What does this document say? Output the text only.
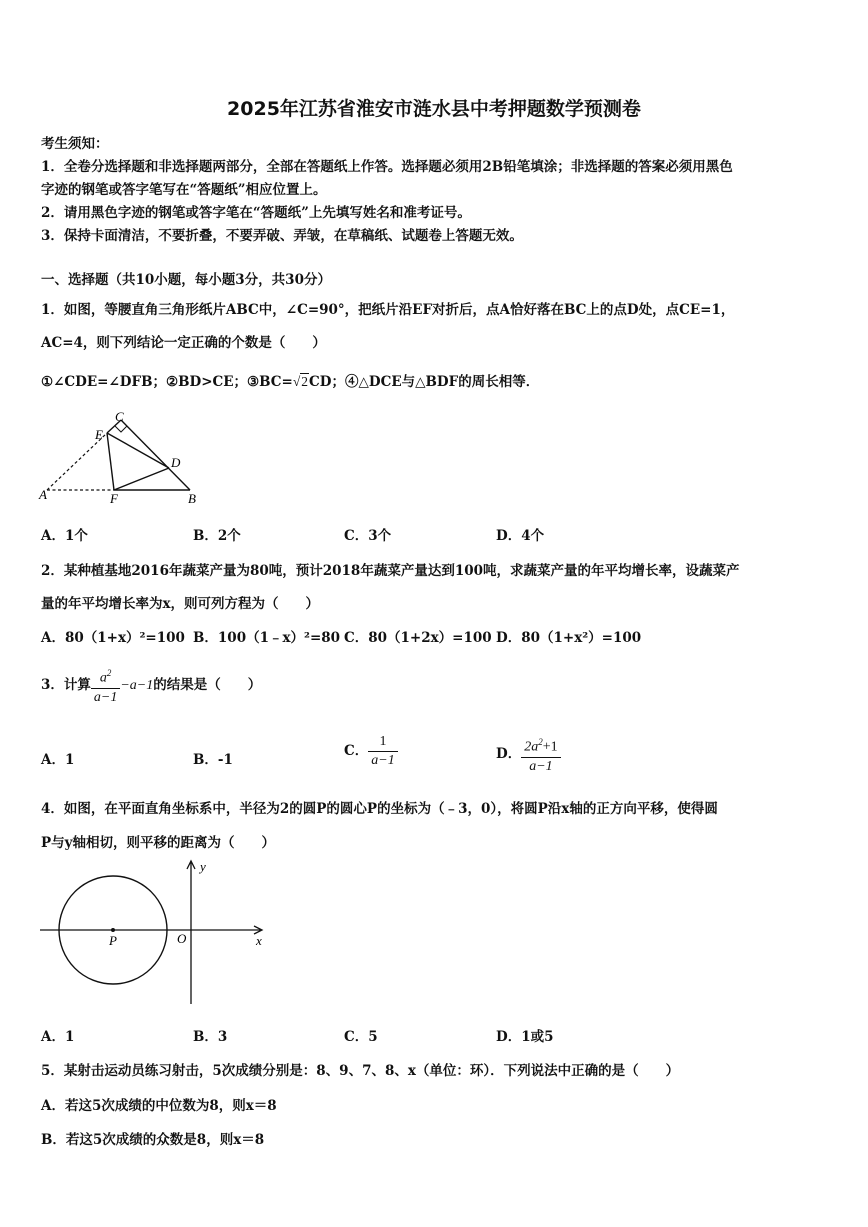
2025年江苏省淮安市涟水县中考押题数学预测卷
考生须知：
1．全卷分选择题和非选择题两部分，全部在答题纸上作答。选择题必须用2B铅笔填涂；非选择题的答案必须用黑色
字迹的钢笔或答字笔写在“答题纸”相应位置上。
2．请用黑色字迹的钢笔或答字笔在“答题纸”上先填写姓名和准考证号。
3．保持卡面清洁，不要折叠，不要弄破、弄皱，在草稿纸、试题卷上答题无效。
一、选择题（共10小题，每小题3分，共30分）
1．如图，等腰直角三角形纸片ABC中，∠C=90°，把纸片沿EF对折后，点A恰好落在BC上的点D处，点CE=1，
AC=4，则下列结论一定正确的个数是（　　）
①∠CDE=∠DFB；②BD>CE；③BC=√2CD；④△DCE与△BDF的周长相等．
C
E
D
A	F	B
A．1个	B．2个	C．3个	D．4个
2．某种植基地2016年蔬菜产量为80吨，预计2018年蔬菜产量达到100吨，求蔬菜产量的年平均增长率，设蔬菜产
量的年平均增长率为x，则可列方程为（　　）
A．80（1+x）²=100 B．100（1﹣x）²=80 C．80（1+2x）=100 D．80（1+x²）=100
3．计算 $\frac{a^2}{a-1} -a-1$的结果是（　　）
A．1	B．-1
C． $\frac{1}{a-1}$	D． $\frac{2a^2+1}{a-1}$
4．如图，在平面直角坐标系中，半径为2的圆P的圆心P的坐标为（﹣3，0），将圆P沿x轴的正方向平移，使得圆
P与y轴相切，则平移的距离为（　　）
y
x
O
P
A．1	B．3	C．5	D．1或5
5．某射击运动员练习射击，5次成绩分别是：8、9、7、8、x（单位：环）．下列说法中正确的是（　　）
A．若这5次成绩的中位数为8，则x＝8
B．若这5次成绩的众数是8，则x＝8
